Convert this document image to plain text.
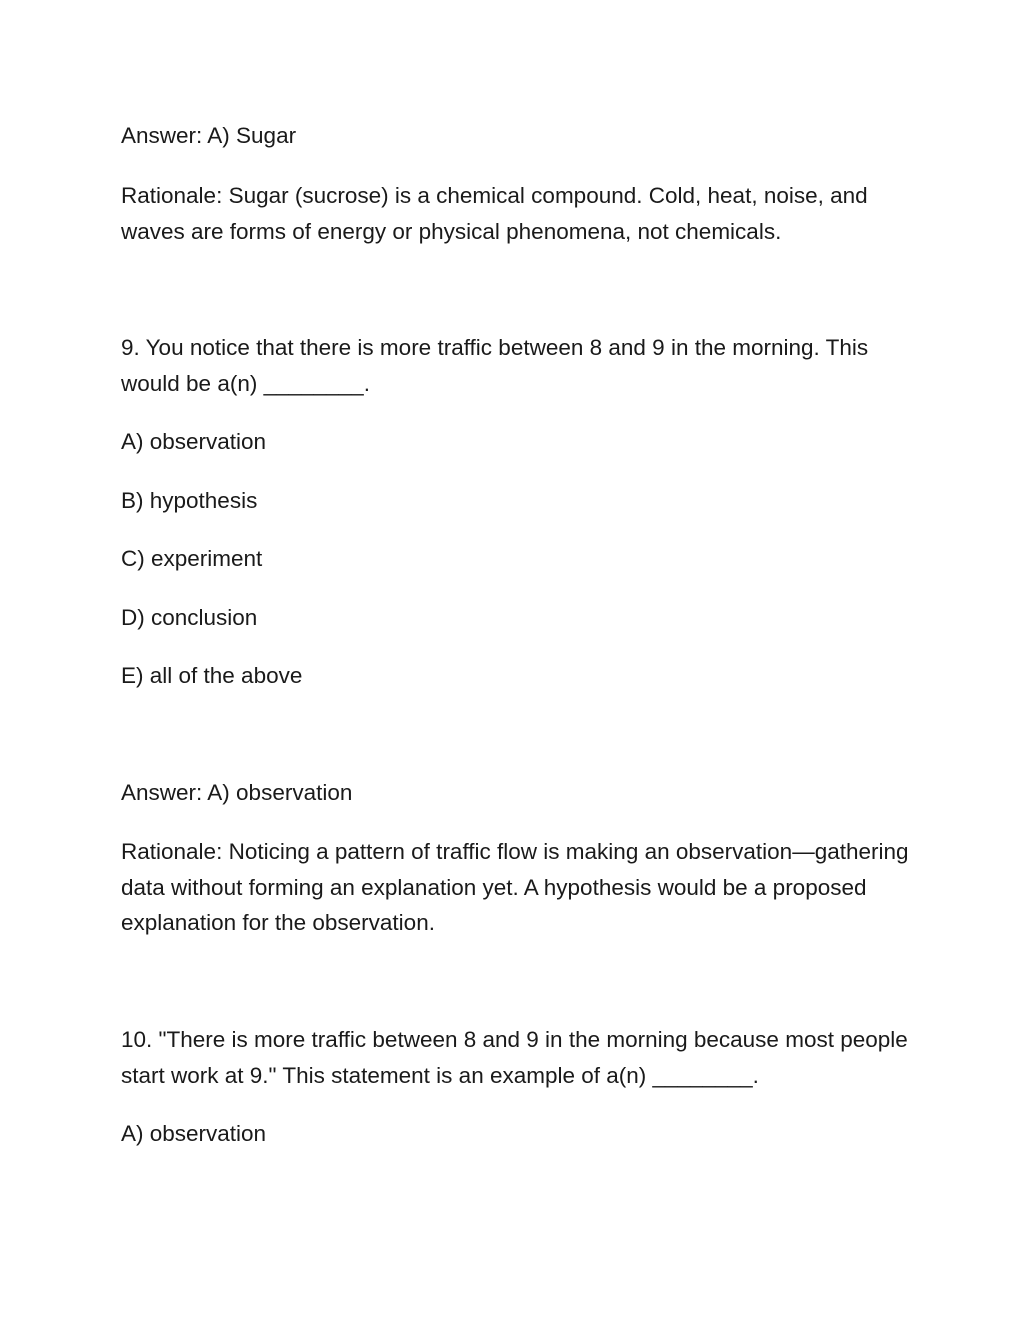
Answer: A) Sugar

Rationale: Sugar (sucrose) is a chemical compound. Cold, heat, noise, and waves are forms of energy or physical phenomena, not chemicals.

9. You notice that there is more traffic between 8 and 9 in the morning. This would be a(n) ________.

A) observation

B) hypothesis

C) experiment

D) conclusion

E) all of the above

Answer: A) observation

Rationale: Noticing a pattern of traffic flow is making an observation—gathering data without forming an explanation yet. A hypothesis would be a proposed explanation for the observation.

10. "There is more traffic between 8 and 9 in the morning because most people start work at 9." This statement is an example of a(n) ________.

A) observation
